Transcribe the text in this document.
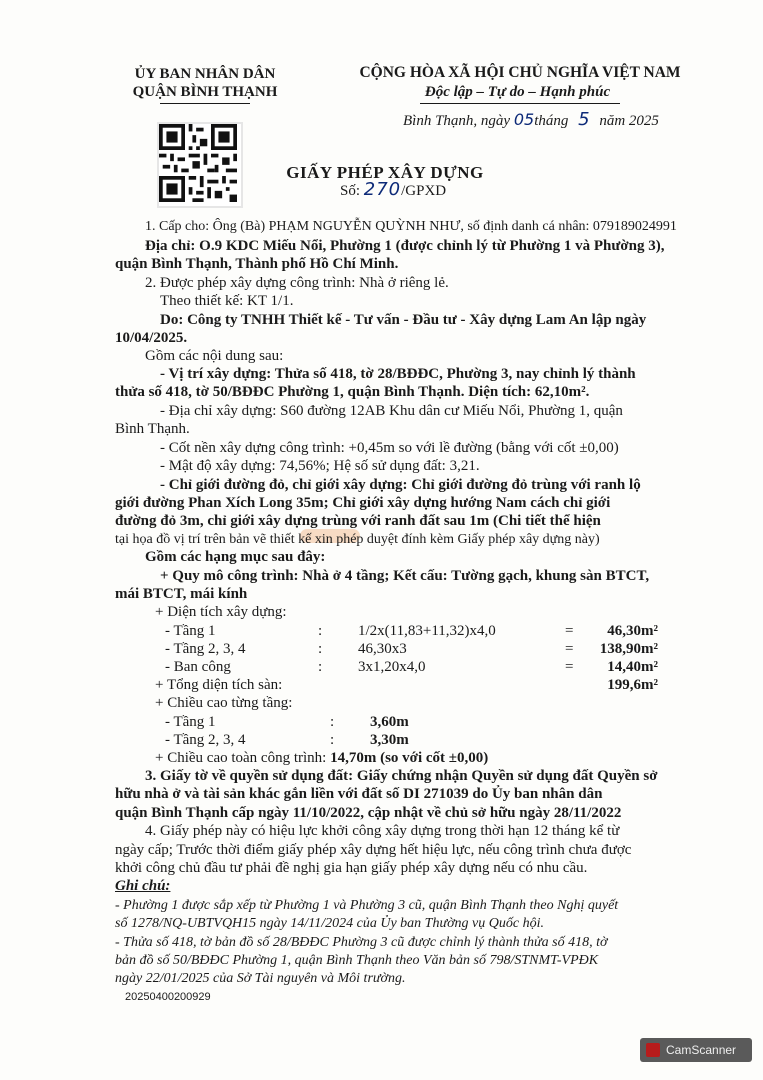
ỦY BAN NHÂN DÂN
QUẬN BÌNH THẠNH
CỘNG HÒA XÃ HỘI CHỦ NGHĨA VIỆT NAM
Độc lập – Tự do – Hạnh phúc
Bình Thạnh, ngày 05tháng 5 năm 2025
GIẤY PHÉP XÂY DỰNG
Số: 270/GPXD
1. Cấp cho: Ông (Bà) PHẠM NGUYỄN QUỲNH NHƯ, số định danh cá nhân: 079189024991
Địa chỉ: O.9 KDC Miếu Nổi, Phường 1 (được chỉnh lý từ Phường 1 và Phường 3),
quận Bình Thạnh, Thành phố Hồ Chí Minh.
2. Được phép xây dựng công trình: Nhà ở riêng lẻ.
Theo thiết kế: KT 1/1.
Do: Công ty TNHH Thiết kế - Tư vấn - Đầu tư - Xây dựng Lam An lập ngày
10/04/2025.
Gồm các nội dung sau:
- Vị trí xây dựng: Thửa số 418, tờ 28/BĐĐC, Phường 3, nay chỉnh lý thành
thửa số 418, tờ 50/BĐĐC Phường 1, quận Bình Thạnh. Diện tích: 62,10m².
- Địa chỉ xây dựng: S60 đường 12AB Khu dân cư Miếu Nổi, Phường 1, quận
Bình Thạnh.
- Cốt nền xây dựng công trình: +0,45m so với lề đường (bằng với cốt ±0,00)
- Mật độ xây dựng: 74,56%; Hệ số sử dụng đất: 3,21.
- Chỉ giới đường đỏ, chỉ giới xây dựng: Chỉ giới đường đỏ trùng với ranh lộ
giới đường Phan Xích Long 35m; Chỉ giới xây dựng hướng Nam cách chỉ giới
đường đỏ 3m, chỉ giới xây dựng trùng với ranh đất sau 1m (Chi tiết thể hiện
tại họa đồ vị trí trên bản vẽ thiết kế xin phép duyệt đính kèm Giấy phép xây dựng này)
Gồm các hạng mục sau đây:
+ Quy mô công trình: Nhà ở 4 tầng; Kết cấu: Tường gạch, khung sàn BTCT,
mái BTCT, mái kính
+ Diện tích xây dựng:
- Tầng 1	: 1/2x(11,83+11,32)x4,0	=	46,30m²
- Tầng 2, 3, 4	: 46,30x3	=	138,90m²
- Ban công	: 3x1,20x4,0	=	14,40m²
+ Tổng diện tích sàn:	199,6m²
+ Chiều cao từng tầng:
- Tầng 1	: 3,60m
- Tầng 2, 3, 4	: 3,30m
+ Chiều cao toàn công trình: 14,70m (so với cốt ±0,00)
3. Giấy tờ về quyền sử dụng đất: Giấy chứng nhận Quyền sử dụng đất Quyền sở
hữu nhà ở và tài sản khác gắn liền với đất số DI 271039 do Ủy ban nhân dân
quận Bình Thạnh cấp ngày 11/10/2022, cập nhật về chủ sở hữu ngày 28/11/2022
4. Giấy phép này có hiệu lực khởi công xây dựng trong thời hạn 12 tháng kể từ
ngày cấp; Trước thời điểm giấy phép xây dựng hết hiệu lực, nếu công trình chưa được
khởi công chủ đầu tư phải đề nghị gia hạn giấy phép xây dựng nếu có nhu cầu.
Ghi chú:
- Phường 1 được sắp xếp từ Phường 1 và Phường 3 cũ, quận Bình Thạnh theo Nghị quyết
số 1278/NQ-UBTVQH15 ngày 14/11/2024 của Ủy ban Thường vụ Quốc hội.
- Thửa số 418, tờ bản đồ số 28/BĐĐC Phường 3 cũ được chỉnh lý thành thửa số 418, tờ
bản đồ số 50/BĐĐC Phường 1, quận Bình Thạnh theo Văn bản số 798/STNMT-VPĐK
ngày 22/01/2025 của Sở Tài nguyên và Môi trường.
20250400200929
CamScanner
